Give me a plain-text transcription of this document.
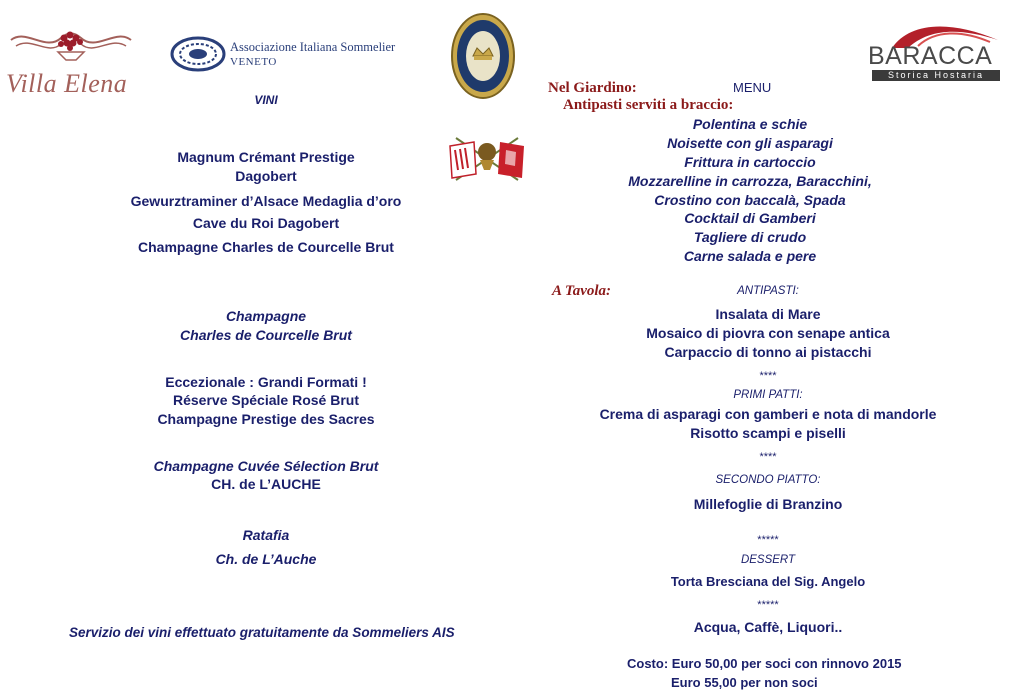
Villa Elena
Associazione Italiana Sommelier
VENETO	BARACCA
Storica Hostaria
VINI
Magnum Crémant Prestige
Dagobert
Gewurztraminer d’Alsace Medaglia d’oro
Cave du Roi Dagobert
Champagne Charles de Courcelle Brut
Champagne
Charles de Courcelle Brut
Eccezionale : Grandi Formati !
Réserve Spéciale Rosé Brut
Champagne Prestige des Sacres
Champagne Cuvée Sélection Brut
CH. de L’AUCHE
Ratafia
Ch. de L’Auche
Servizio dei vini effettuato gratuitamente da Sommeliers AIS
Nel Giardino:	MENU
Antipasti serviti a braccio:
Polentina e schie
Noisette con gli asparagi
Frittura in cartoccio
Mozzarelline in carrozza, Baracchini,
Crostino con baccalà, Spada
Cocktail di Gamberi
Tagliere di crudo
Carne salada e pere
A Tavola:	ANTIPASTI:
Insalata di Mare
Mosaico di piovra con senape antica
Carpaccio di tonno ai pistacchi
****
PRIMI PATTI:
Crema di asparagi con gamberi e nota di mandorle
Risotto scampi e piselli
****
SECONDO PIATTO:
Millefoglie di Branzino
*****
DESSERT
Torta Bresciana del Sig. Angelo
*****
Acqua, Caffè, Liquori..
Costo: Euro 50,00 per soci con rinnovo 2015
Euro 55,00 per non soci
